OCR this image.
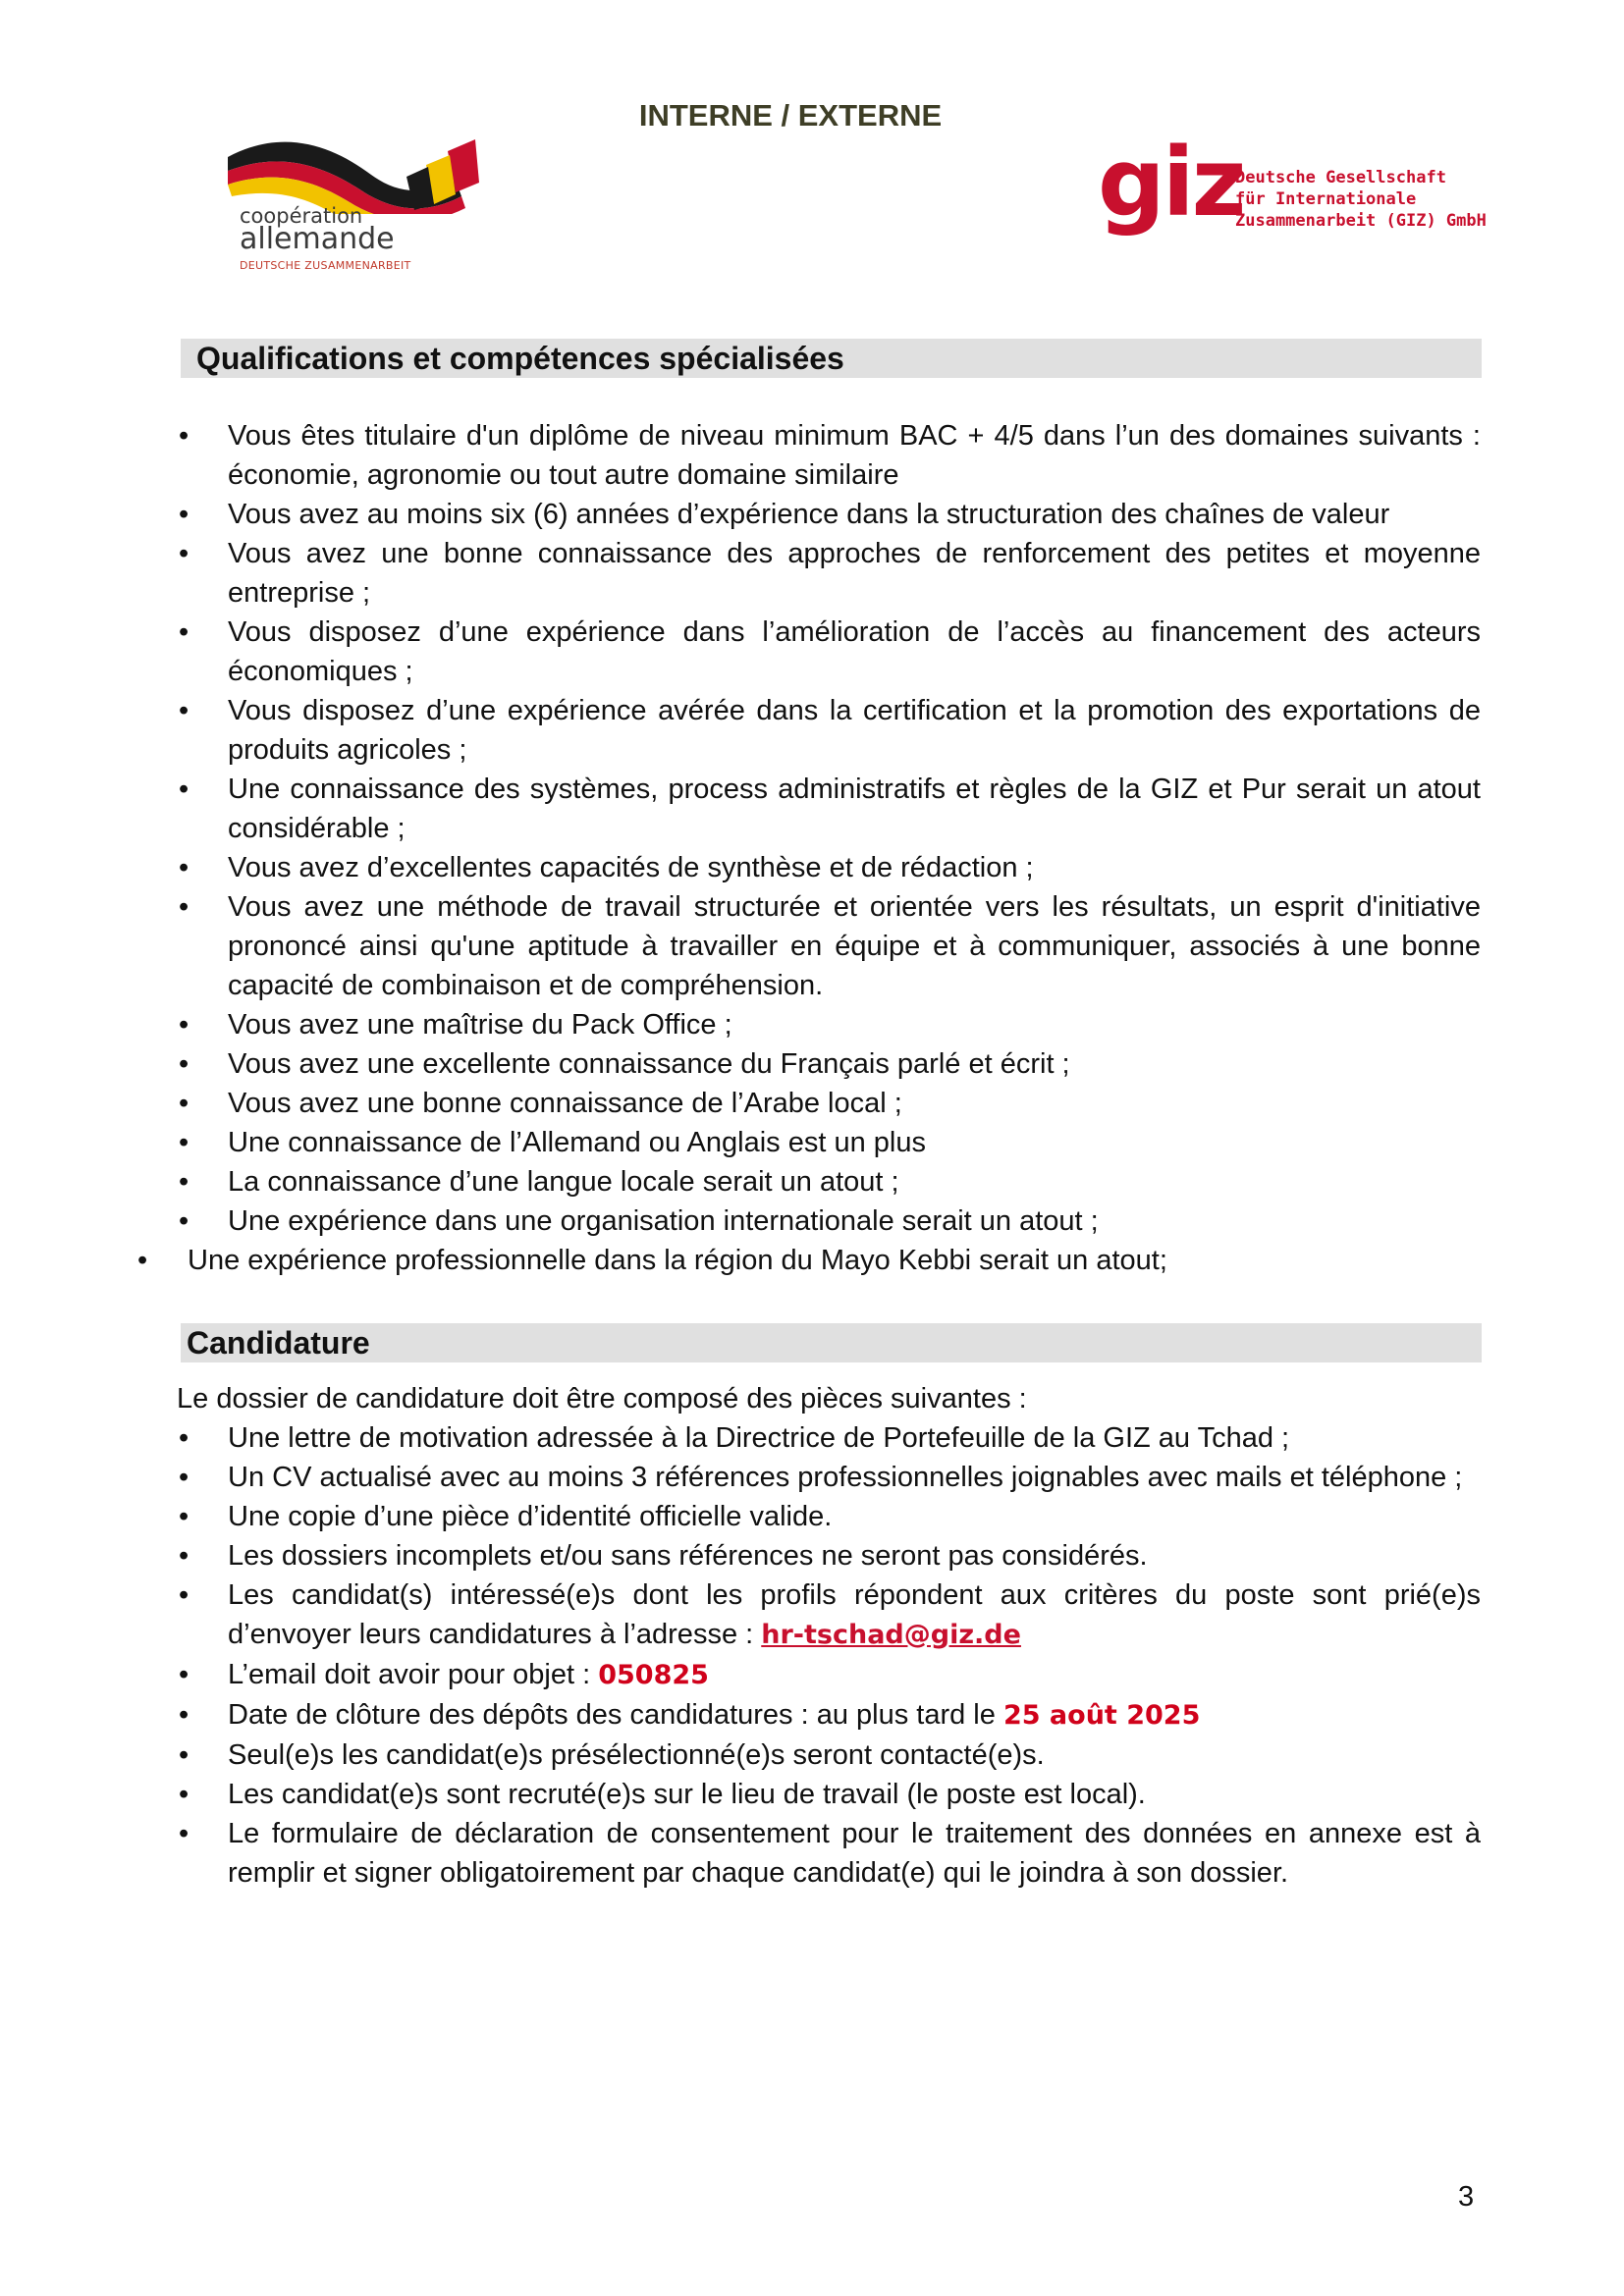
INTERNE / EXTERNE
coopération
allemande
DEUTSCHE ZUSAMMENARBEIT
giz
Deutsche Gesellschaft
für Internationale
Zusammenarbeit (GIZ) GmbH
Qualifications et compétences spécialisées
• Vous êtes titulaire d'un diplôme de niveau minimum BAC + 4/5 dans l’un des domaines suivants : économie, agronomie ou tout autre domaine similaire
• Vous avez au moins six (6) années d’expérience dans la structuration des chaînes de valeur
• Vous avez une bonne connaissance des approches de renforcement des petites et moyenne entreprise ;
• Vous disposez d’une expérience dans l’amélioration de l’accès au financement des acteurs économiques ;
• Vous disposez d’une expérience avérée dans la certification et la promotion des exportations de produits agricoles ;
• Une connaissance des systèmes, process administratifs et règles de la GIZ et Pur serait un atout considérable ;
• Vous avez d’excellentes capacités de synthèse et de rédaction ;
• Vous avez une méthode de travail structurée et orientée vers les résultats, un esprit d'initiative prononcé ainsi qu'une aptitude à travailler en équipe et à communiquer, associés à une bonne capacité de combinaison et de compréhension.
• Vous avez une maîtrise du Pack Office ;
• Vous avez une excellente connaissance du Français parlé et écrit ;
• Vous avez une bonne connaissance de l’Arabe local ;
• Une connaissance de l’Allemand ou Anglais est un plus
• La connaissance d’une langue locale serait un atout ;
• Une expérience dans une organisation internationale serait un atout ;
• Une expérience professionnelle dans la région du Mayo Kebbi serait un atout;
Candidature
Le dossier de candidature doit être composé des pièces suivantes :
• Une lettre de motivation adressée à la Directrice de Portefeuille de la GIZ au Tchad ;
• Un CV actualisé avec au moins 3 références professionnelles joignables avec mails et téléphone ;
• Une copie d’une pièce d’identité officielle valide.
• Les dossiers incomplets et/ou sans références ne seront pas considérés.
• Les candidat(s) intéressé(e)s dont les profils répondent aux critères du poste sont prié(e)s d’envoyer leurs candidatures à l’adresse : hr-tschad@giz.de
• L’email doit avoir pour objet : 050825
• Date de clôture des dépôts des candidatures : au plus tard le 25 août 2025
• Seul(e)s les candidat(e)s présélectionné(e)s seront contacté(e)s.
• Les candidat(e)s sont recruté(e)s sur le lieu de travail (le poste est local).
• Le formulaire de déclaration de consentement pour le traitement des données en annexe est à remplir et signer obligatoirement par chaque candidat(e) qui le joindra à son dossier.
3
